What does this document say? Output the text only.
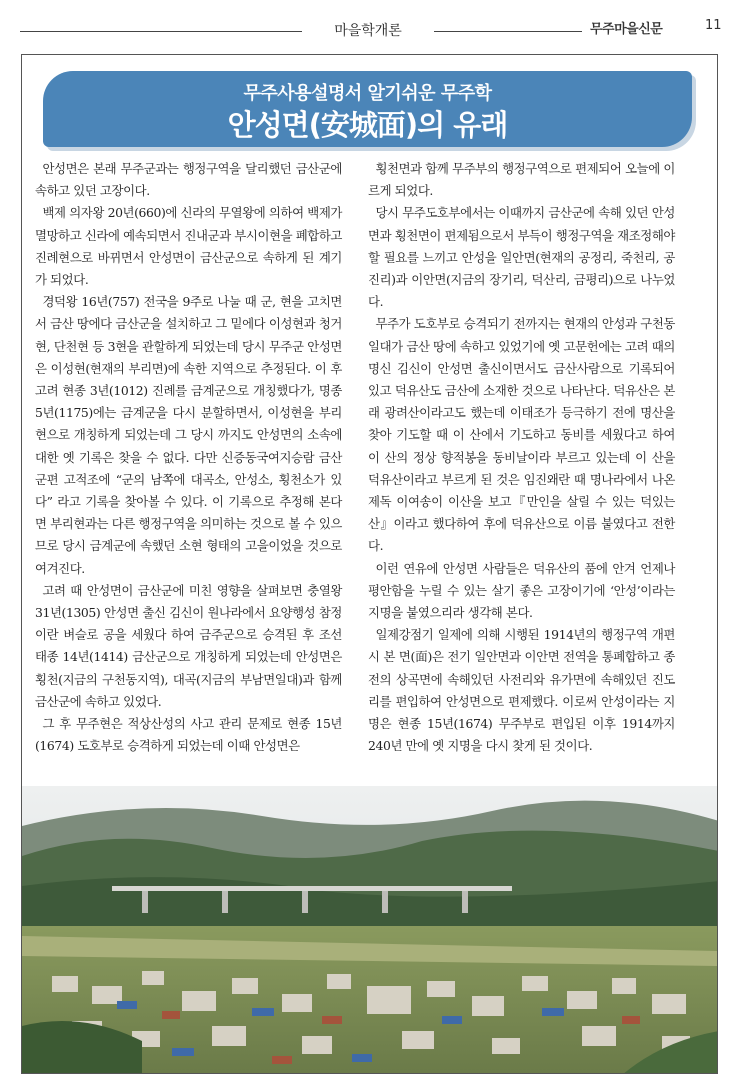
마을학개론	무주마을신문	11
무주사용설명서 알기쉬운 무주학
안성면(安城面)의 유래

안성면은 본래 무주군과는 행정구역을 달리했던 금산군에 속하고 있던 고장이다.

백제 의자왕 20년(660)에 신라의 무열왕에 의하여 백제가 멸망하고 신라에 예속되면서 진내군과 부시이현을 폐합하고 진례현으로 바뀌면서 안성면이 금산군으로 속하게 된 계기가 되었다.

경덕왕 16년(757) 전국을 9주로 나눌 때 군, 현을 고치면서 금산 땅에다 금산군을 설치하고 그 밑에다 이성현과 청거현, 단천현 등 3현을 관할하게 되었는데 당시 무주군 안성면은 이성현(현재의 부리면)에 속한 지역으로 추정된다. 이 후 고려 현종 3년(1012) 진례를 금계군으로 개칭했다가, 명종 5년(1175)에는 금계군을 다시 분할하면서, 이성현을 부리현으로 개칭하게 되었는데 그 당시 까지도 안성면의 소속에 대한 옛 기록은 찾을 수 없다. 다만 신증동국여지승람 금산군편 고적조에 “군의 남쪽에 대곡소, 안성소, 횡천소가 있다” 라고 기록을 찾아볼 수 있다. 이 기록으로 추정해 본다면 부리현과는 다른 행정구역을 의미하는 것으로 볼 수 있으므로 당시 금계군에 속했던 소현 형태의 고을이었을 것으로 여겨진다.

고려 때 안성면이 금산군에 미친 영향을 살펴보면 충열왕 31년(1305) 안성면 출신 김신이 원나라에서 요양행성 참정이란 벼슬로 공을 세웠다 하여 금주군으로 승격된 후 조선 태종 14년(1414) 금산군으로 개칭하게 되었는데 안성면은 횡천(지금의 구천동지역), 대곡(지금의 부남면일대)과 함께 금산군에 속하고 있었다.

그 후 무주현은 적상산성의 사고 관리 문제로 현종 15년(1674) 도호부로 승격하게 되었는데 이때 안성면은

횡천면과 함께 무주부의 행정구역으로 편제되어 오늘에 이르게 되었다.

당시 무주도호부에서는 이때까지 금산군에 속해 있던 안성면과 횡천면이 편제됨으로서 부득이 행정구역을 재조정해야 할 필요를 느끼고 안성을 일안면(현재의 공정리, 죽천리, 공진리)과 이안면(지금의 장기리, 덕산리, 금평리)으로 나누었다.

무주가 도호부로 승격되기 전까지는 현재의 안성과 구천동 일대가 금산 땅에 속하고 있었기에 옛 고문헌에는 고려 때의 명신 김신이 안성면 출신이면서도 금산사람으로 기록되어 있고 덕유산도 금산에 소재한 것으로 나타난다. 덕유산은 본래 광려산이라고도 했는데 이태조가 등극하기 전에 명산을 찾아 기도할 때 이 산에서 기도하고 동비를 세웠다고 하여 이 산의 정상 향적봉을 동비날이라 부르고 있는데 이 산을 덕유산이라고 부르게 된 것은 임진왜란 때 명나라에서 나온 제독 이여송이 이산을 보고『만인을 살릴 수 있는 덕있는 산』이라고 했다하여 후에 덕유산으로 이름 붙였다고 전한다.

이런 연유에 안성면 사람들은 덕유산의 품에 안겨 언제나 평안함을 누릴 수 있는 살기 좋은 고장이기에 ‘안성’이라는 지명을 붙였으리라 생각해 본다.

일제강점기 일제에 의해 시행된 1914년의 행정구역 개편 시 본 면(面)은 전기 일안면과 이안면 전역을 통폐합하고 종전의 상곡면에 속해있던 사전리와 유가면에 속해있던 진도리를 편입하여 안성면으로 편제했다. 이로써 안성이라는 지명은 현종 15년(1674) 무주부로 편입된 이후 1914까지 240년 만에 옛 지명을 다시 찾게 된 것이다.
